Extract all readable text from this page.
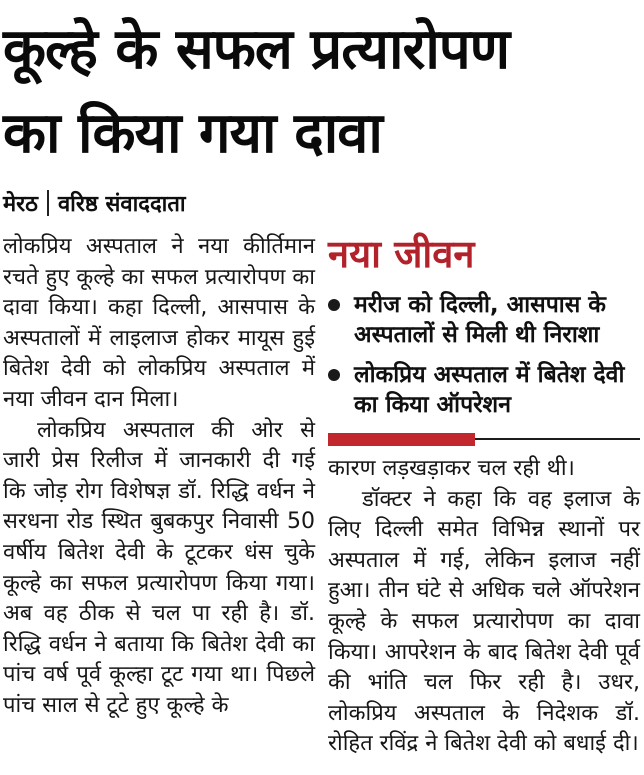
कूल्हे के सफल प्रत्यारोपण
का किया गया दावा
मेरठ वरिष्ठ संवाददाता

लोकप्रिय अस्पताल ने नया कीर्तिमान रचते हुए कूल्हे का सफल प्रत्यारोपण का दावा किया। कहा दिल्ली, आसपास के अस्पतालों में लाइलाज होकर मायूस हुई बितेश देवी को लोकप्रिय अस्पताल में नया जीवन दान मिला।

लोकप्रिय अस्पताल की ओर से जारी प्रेस रिलीज में जानकारी दी गई कि जोड़ रोग विशेषज्ञ डॉ. रिद्धि वर्धन ने सरधना रोड स्थित बुबकपुर निवासी 50 वर्षीय बितेश देवी के टूटकर धंस चुके कूल्हे का सफल प्रत्यारोपण किया गया। अब वह ठीक से चल पा रही है। डॉ. रिद्धि वर्धन ने बताया कि बितेश देवी का पांच वर्ष पूर्व कूल्हा टूट गया था। पिछले पांच साल से टूटे हुए कूल्हे के

नया जीवन
मरीज को दिल्ली, आसपास के अस्पतालों से मिली थी निराशा
लोकप्रिय अस्पताल में बितेश देवी का किया ऑपरेशन

कारण लड़खड़ाकर चल रही थी।

डॉक्टर ने कहा कि वह इलाज के लिए दिल्ली समेत विभिन्न स्थानों पर अस्पताल में गई, लेकिन इलाज नहीं हुआ। तीन घंटे से अधिक चले ऑपरेशन कूल्हे के सफल प्रत्यारोपण का दावा किया। आपरेशन के बाद बितेश देवी पूर्व की भांति चल फिर रही है। उधर, लोकप्रिय अस्पताल के निदेशक डॉ. रोहित रविंद्र ने बितेश देवी को बधाई दी।
